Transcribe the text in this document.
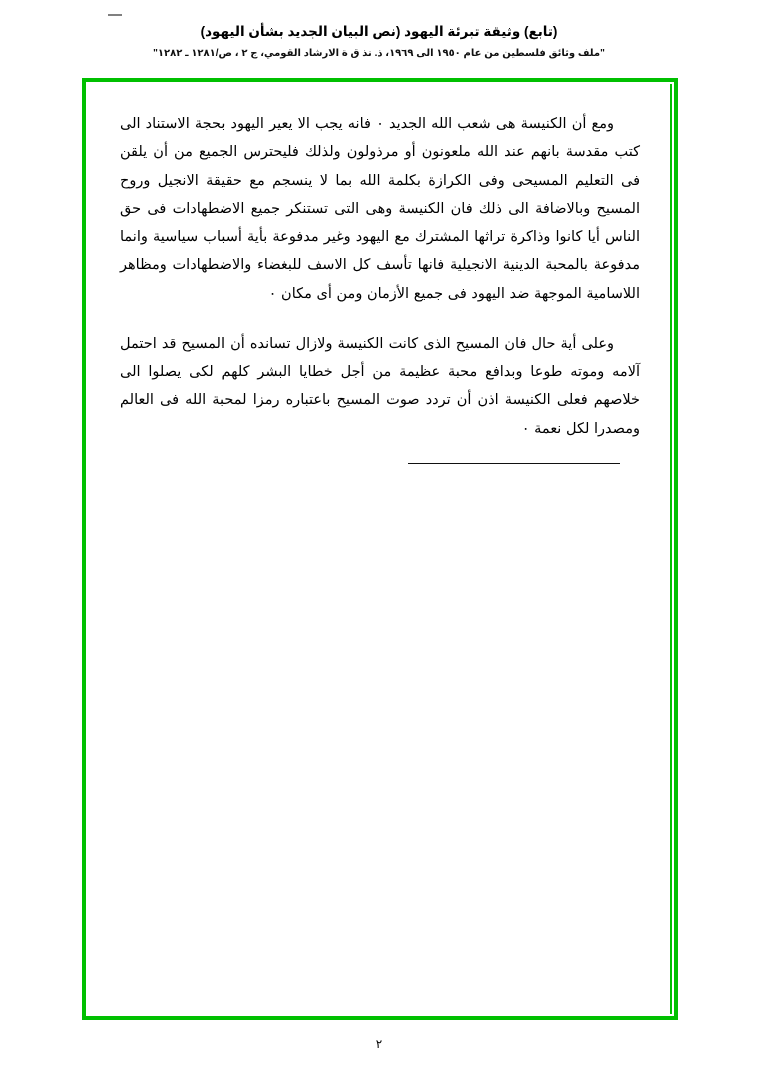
(تابع) وثيقة تبرئة اليهود (نص البيان الجديد بشأن اليهود)
"ملف وثائق فلسطين من عام ١٩٥٠ الى ١٩٦٩، ذ. نذ ق ة الارشاد القومي، ج ٢ ، ص/١٢٨١ ـ ١٢٨٢"

ومع أن الكنيسة هى شعب الله الجديد ٠ فانه يجب الا يعير اليهود بحجة الاستناد الى كتب مقدسة بانهم عند الله ملعونون أو مرذولون ولذلك فليحترس الجميع من أن يلقن فى التعليم المسيحى وفى الكرازة بكلمة الله بما لا ينسجم مع حقيقة الانجيل وروح المسيح وبالاضافة الى ذلك فان الكنيسة وهى التى تستنكر جميع الاضطهادات فى حق الناس أيا كانوا وذاكرة تراثها المشترك مع اليهود وغير مدفوعة بأية أسباب سياسية وانما مدفوعة بالمحبة الدينية الانجيلية فانها تأسف كل الاسف للبغضاء والاضطهادات ومظاهر اللاسامية الموجهة ضد اليهود فى جميع الأزمان ومن أى مكان ٠

وعلى أية حال فان المسيح الذى كانت الكنيسة ولازال تسانده أن المسيح قد احتمل آلامه وموته طوعا وبدافع محبة عظيمة من أجل خطايا البشر كلهم لكى يصلوا الى خلاصهم فعلى الكنيسة اذن أن تردد صوت المسيح باعتباره رمزا لمحبة الله فى العالم ومصدرا لكل نعمة ٠

٢
